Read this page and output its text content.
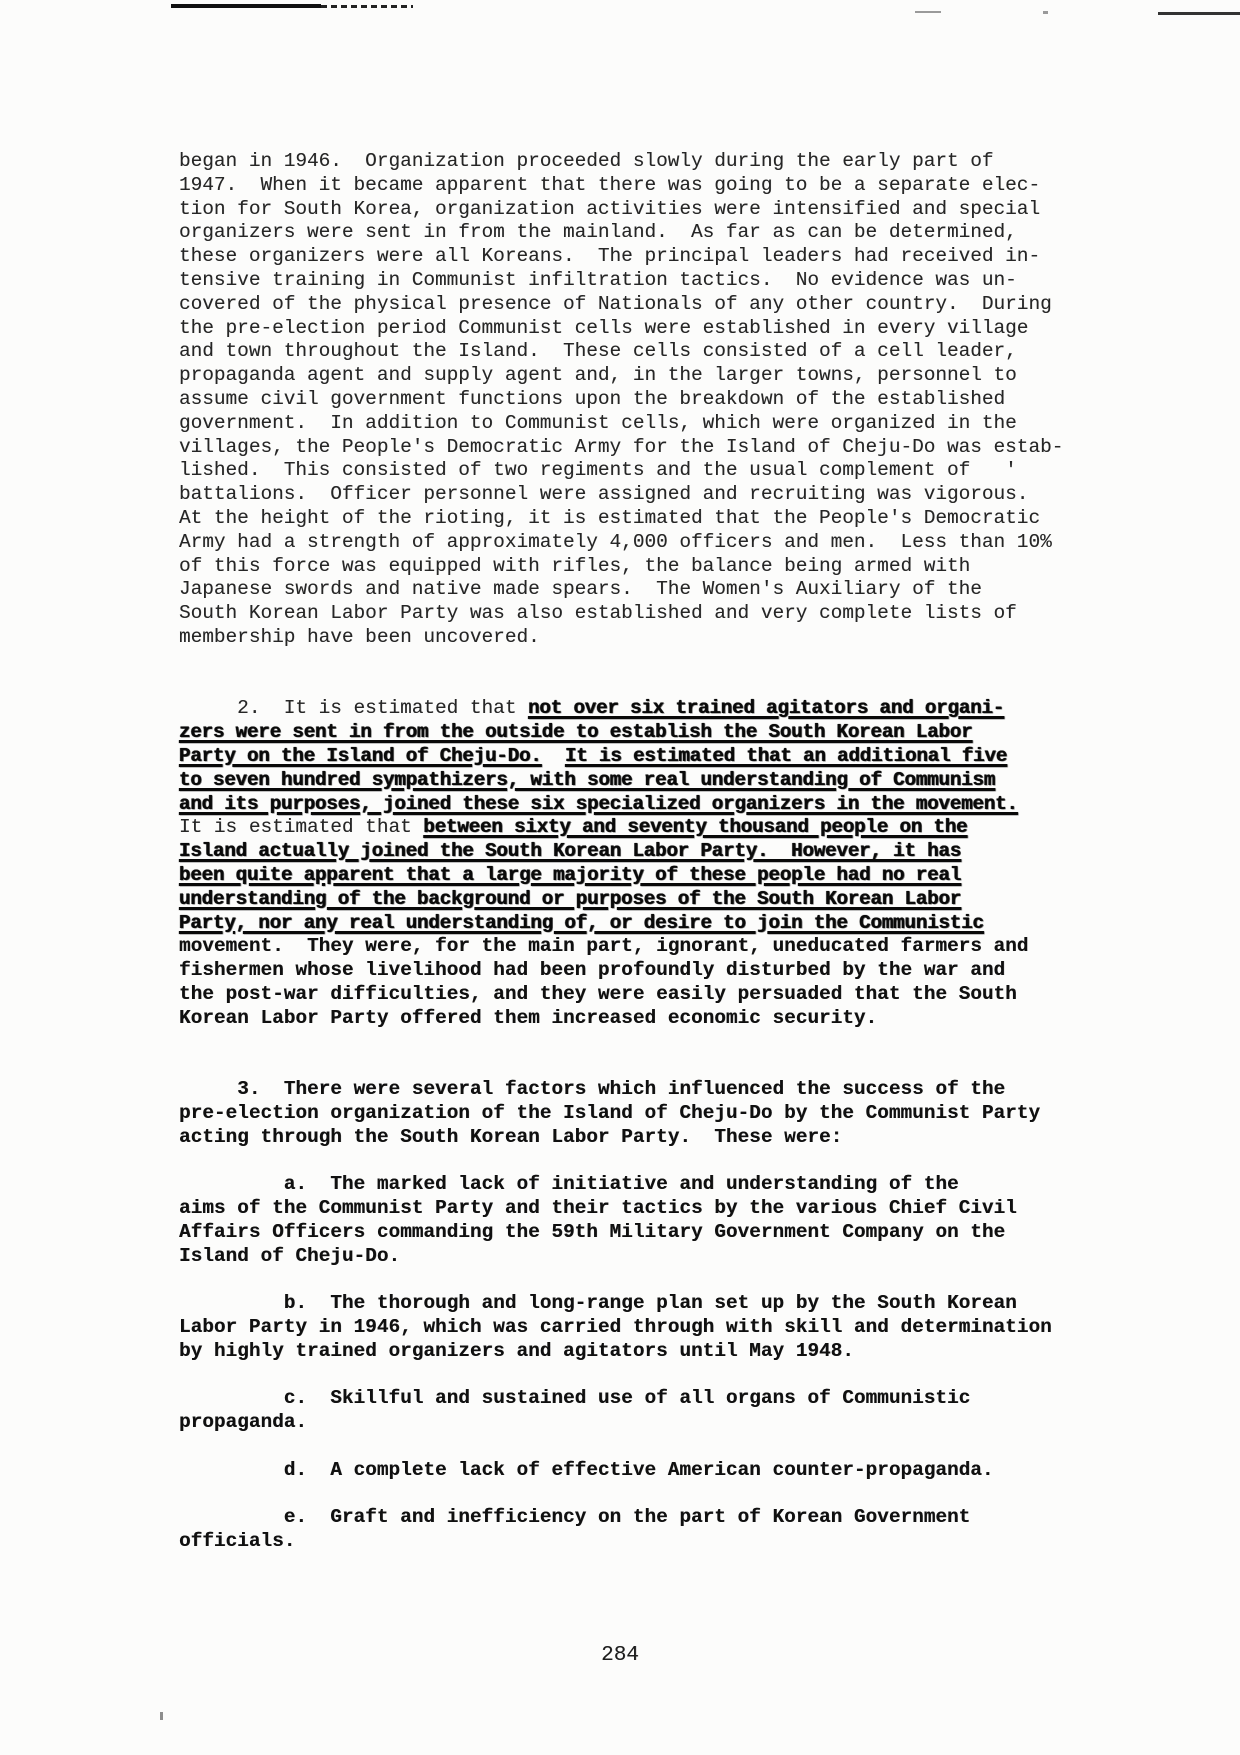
began in 1946.  Organization proceeded slowly during the early part of
1947.  When it became apparent that there was going to be a separate elec-
tion for South Korea, organization activities were intensified and special
organizers were sent in from the mainland.  As far as can be determined,
these organizers were all Koreans.  The principal leaders had received in-
tensive training in Communist infiltration tactics.  No evidence was un-
covered of the physical presence of Nationals of any other country.  During
the pre-election period Communist cells were established in every village
and town throughout the Island.  These cells consisted of a cell leader,
propaganda agent and supply agent and, in the larger towns, personnel to
assume civil government functions upon the breakdown of the established
government.  In addition to Communist cells, which were organized in the
villages, the People's Democratic Army for the Island of Cheju-Do was estab-
lished.  This consisted of two regiments and the usual complement of   '
battalions.  Officer personnel were assigned and recruiting was vigorous.
At the height of the rioting, it is estimated that the People's Democratic
Army had a strength of approximately 4,000 officers and men.  Less than 10%
of this force was equipped with rifles, the balance being armed with
Japanese swords and native made spears.  The Women's Auxiliary of the
South Korean Labor Party was also established and very complete lists of
membership have been uncovered.
2.  It is estimated that not over six trained agitators and organi-
zers were sent in from the outside to establish the South Korean Labor
Party on the Island of Cheju-Do. It is estimated that an additional five
to seven hundred sympathizers, with some real understanding of Communism
and its purposes, joined these six specialized organizers in the movement.
It is estimated that between sixty and seventy thousand people on the
Island actually joined the South Korean Labor Party.  However, it has
been quite apparent that a large majority of these people had no real
understanding of the background or purposes of the South Korean Labor
Party, nor any real understanding of, or desire to join the Communistic
movement.  They were, for the main part, ignorant, uneducated farmers and
fishermen whose livelihood had been profoundly disturbed by the war and
the post-war difficulties, and they were easily persuaded that the South
Korean Labor Party offered them increased economic security.
3.  There were several factors which influenced the success of the
pre-election organization of the Island of Cheju-Do by the Communist Party
acting through the South Korean Labor Party.  These were:
a.  The marked lack of initiative and understanding of the
aims of the Communist Party and their tactics by the various Chief Civil
Affairs Officers commanding the 59th Military Government Company on the
Island of Cheju-Do.
b.  The thorough and long-range plan set up by the South Korean
Labor Party in 1946, which was carried through with skill and determination
by highly trained organizers and agitators until May 1948.
c.  Skillful and sustained use of all organs of Communistic
propaganda.
d.  A complete lack of effective American counter-propaganda.
e.  Graft and inefficiency on the part of Korean Government
officials.
284
